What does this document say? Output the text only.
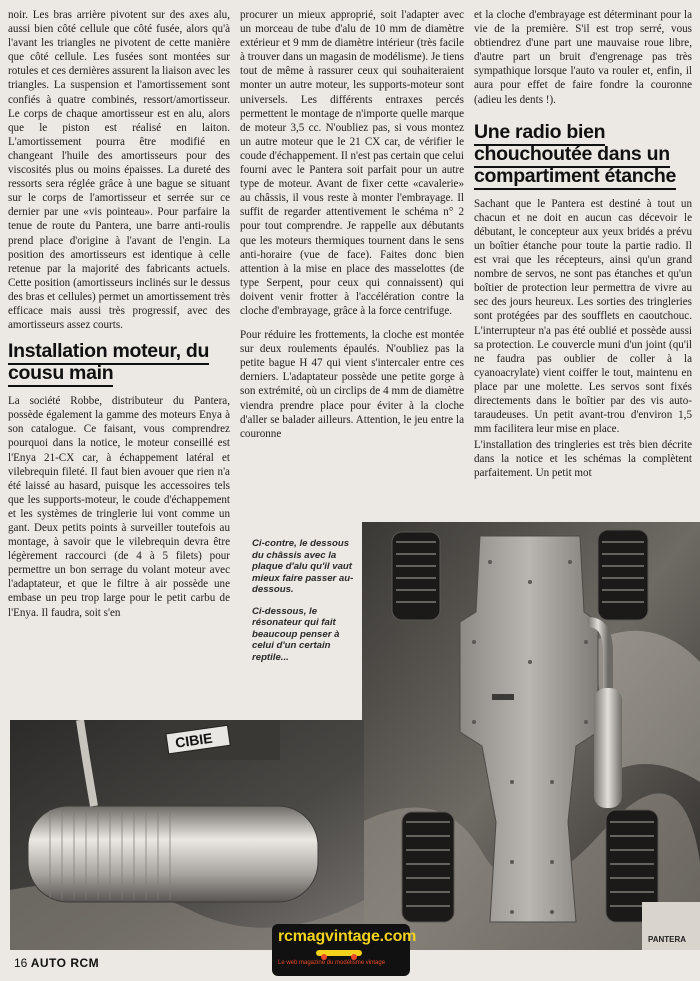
noir. Les bras arrière pivotent sur des axes alu, aussi bien côté cellule que côté fusée, alors qu'à l'avant les triangles ne pivotent de cette manière que côté cellule. Les fusées sont montées sur rotules et ces dernières assurent la liaison avec les triangles. La suspension et l'amortissement sont confiés à quatre combinés, ressort/amortisseur. Le corps de chaque amortisseur est en alu, alors que le piston est réalisé en laiton. L'amortissement pourra être modifié en changeant l'huile des amortisseurs pour des viscosités plus ou moins épaisses. La dureté des ressorts sera réglée grâce à une bague se situant sur le corps de l'amortisseur et serrée sur ce dernier par une «vis pointeau». Pour parfaire la tenue de route du Pantera, une barre anti-roulis prend place d'origine à l'avant de l'engin. La position des amortisseurs est identique à celle retenue par la majorité des fabricants actuels. Cette position (amortisseurs inclinés sur le dessus des bras et cellules) permet un amortissement très efficace mais aussi très progressif, avec des amortisseurs assez courts.

Installation moteur, du cousu main

La société Robbe, distributeur du Pantera, possède également la gamme des moteurs Enya à son catalogue. Ce faisant, vous comprendrez pourquoi dans la notice, le moteur conseillé est l'Enya 21-CX car, à échappement latéral et vilebrequin fileté. Il faut bien avouer que rien n'a été laissé au hasard, puisque les accessoires tels que les supports-moteur, le coude d'échappement et les systèmes de tringlerie lui vont comme un gant. Deux petits points à surveiller toutefois au montage, à savoir que le vilebrequin devra être légèrement raccourci (de 4 à 5 filets) pour permettre un bon serrage du volant moteur avec l'adaptateur, et que le filtre à air possède une embase un peu trop large pour le petit carbu de l'Enya. Il faudra, soit s'en

procurer un mieux approprié, soit l'adapter avec un morceau de tube d'alu de 10 mm de diamètre extérieur et 9 mm de diamètre intérieur (très facile à trouver dans un magasin de modélisme). Je tiens tout de même à rassurer ceux qui souhaiteraient monter un autre moteur, les supports-moteur sont universels. Les différents entraxes percés permettent le montage de n'importe quelle marque de moteur 3,5 cc. N'oubliez pas, si vous montez un autre moteur que le 21 CX car, de vérifier le coude d'échappement. Il n'est pas certain que celui fourni avec le Pantera soit parfait pour un autre type de moteur. Avant de fixer cette «cavalerie» au châssis, il vous reste à monter l'embrayage. Il suffit de regarder attentivement le schéma n° 2 pour tout comprendre. Je rappelle aux débutants que les moteurs thermiques tournent dans le sens anti-horaire (vue de face). Faites donc bien attention à la mise en place des masselottes (de type Serpent, pour ceux qui connaissent) qui doivent venir frotter à l'accélération contre la cloche d'embrayage, grâce à la force centrifuge.

Pour réduire les frottements, la cloche est montée sur deux roulements épaulés. N'oubliez pas la petite bague H 47 qui vient s'intercaler entre ces derniers. L'adaptateur possède une petite gorge à son extrémité, où un circlips de 4 mm de diamètre viendra prendre place pour éviter à la cloche d'aller se balader ailleurs. Attention, le jeu entre la couronne

et la cloche d'embrayage est déterminant pour la vie de la première. S'il est trop serré, vous obtiendrez d'une part une mauvaise roue libre, d'autre part un bruit d'engrenage pas très sympathique lorsque l'auto va rouler et, enfin, il aura pour effet de faire fondre la couronne (adieu les dents !).

Une radio bien chouchoutée dans un compartiment étanche

Sachant que le Pantera est destiné à tout un chacun et ne doit en aucun cas décevoir le débutant, le concepteur aux yeux bridés a prévu un boîtier étanche pour toute la partie radio. Il est vrai que les récepteurs, ainsi qu'un grand nombre de servos, ne sont pas étanches et qu'un boîtier de protection leur permettra de vivre au sec des jours heureux. Les sorties des tringleries sont protégées par des soufflets en caoutchouc. L'interrupteur n'a pas été oublié et possède aussi sa protection. Le couvercle muni d'un joint (qu'il ne faudra pas oublier de coller à la cyanoacrylate) vient coiffer le tout, maintenu en place par une molette. Les servos sont fixés directements dans le boîtier par des vis auto-taraudeuses. Un petit avant-trou d'environ 1,5 mm facilitera leur mise en place.

L'installation des tringleries est très bien décrite dans la notice et les schémas la complètent parfaitement. Un petit mot

Ci-contre, le dessous du châssis avec la plaque d'alu qu'il vaut mieux faire passer au-dessous.

Ci-dessous, le résonateur qui fait beaucoup penser à celui d'un certain reptile...

PANTERA
CIBIE
16 AUTO RCM
rcmagvintage.com
Le web magazine du modélisme vintage
